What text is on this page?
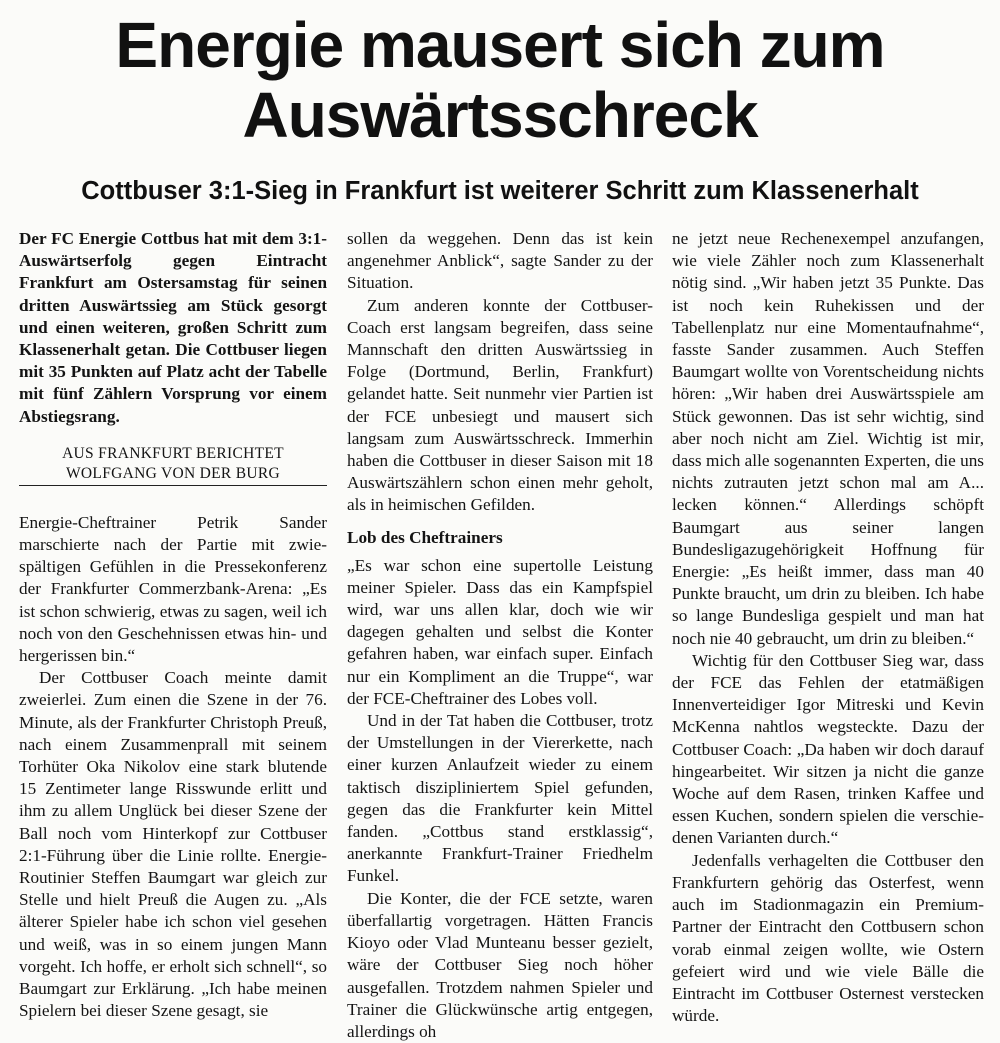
Energie mausert sich zum
Auswärtsschreck
Cottbuser 3:1-Sieg in Frankfurt ist weiterer Schritt zum Klassenerhalt

Der FC Energie Cottbus hat mit dem 3:1-Auswärtserfolg gegen Eintracht Frankfurt am Ostersamstag für seinen dritten Auswärtssieg am Stück gesorgt und einen weiteren, großen Schritt zum Klassenerhalt getan. Die Cottbuser liegen mit 35 Punkten auf Platz acht der Tabelle mit fünf Zählern Vorsprung vor einem Abstiegsrang.

AUS FRANKFURT BERICHTET
WOLFGANG VON DER BURG

Energie-Cheftrainer Petrik Sander marschierte nach der Partie mit zwiespältigen Gefühlen in die Pressekonferenz der Frankfurter Commerzbank-Arena: „Es ist schon schwierig, etwas zu sagen, weil ich noch von den Geschehnissen etwas hin- und hergerissen bin.“

Der Cottbuser Coach meinte damit zweierlei. Zum einen die Szene in der 76. Minute, als der Frankfurter Christoph Preuß, nach einem Zusammenprall mit seinem Torhüter Oka Nikolov eine stark blutende 15 Zentimeter lange Risswunde erlitt und ihm zu allem Unglück bei dieser Szene der Ball noch vom Hinterkopf zur Cottbuser 2:1-Führung über die Linie rollte. Energie-Routinier Steffen Baumgart war gleich zur Stelle und hielt Preuß die Augen zu. „Als älterer Spieler habe ich schon viel gesehen und weiß, was in so einem jungen Mann vorgeht. Ich hoffe, er erholt sich schnell“, so Baumgart zur Erklärung. „Ich habe meinen Spielern bei dieser Szene gesagt, sie

sollen da weggehen. Denn das ist kein angenehmer Anblick“, sagte Sander zu der Situation.

Zum anderen konnte der Cottbuser-Coach erst langsam begreifen, dass seine Mannschaft den dritten Auswärtssieg in Folge (Dortmund, Berlin, Frankfurt) gelandet hatte. Seit nunmehr vier Partien ist der FCE unbesiegt und mausert sich langsam zum Auswärtsschreck. Immerhin haben die Cottbuser in dieser Saison mit 18 Auswärtszählern schon einen mehr geholt, als in heimischen Gefilden.

Lob des Cheftrainers

„Es war schon eine supertolle Leistung meiner Spieler. Dass das ein Kampfspiel wird, war uns allen klar, doch wie wir dagegen gehalten und selbst die Konter gefahren haben, war einfach super. Einfach nur ein Kompliment an die Truppe“, war der FCE-Cheftrainer des Lobes voll.

Und in der Tat haben die Cottbuser, trotz der Umstellungen in der Viererkette, nach einer kurzen Anlaufzeit wieder zu einem taktisch diszipliniertem Spiel gefunden, gegen das die Frankfurter kein Mittel fanden. „Cottbus stand erstklassig“, anerkannte Frankfurt-Trainer Friedhelm Funkel.

Die Konter, die der FCE setzte, waren überfallartig vorgetragen. Hätten Francis Kioyo oder Vlad Munteanu besser gezielt, wäre der Cottbuser Sieg noch höher ausgefallen. Trotzdem nahmen Spieler und Trainer die Glückwünsche artig entgegen, allerdings oh

ne jetzt neue Rechenexempel anzufangen, wie viele Zähler noch zum Klassenerhalt nötig sind. „Wir haben jetzt 35 Punkte. Das ist noch kein Ruhekissen und der Tabellenplatz nur eine Momentaufnahme“, fasste Sander zusammen. Auch Steffen Baumgart wollte von Vorentscheidung nichts hören: „Wir haben drei Auswärtsspiele am Stück gewonnen. Das ist sehr wichtig, sind aber noch nicht am Ziel. Wichtig ist mir, dass mich alle sogenannten Experten, die uns nichts zutrauten jetzt schon mal am A... lecken können.“ Allerdings schöpft Baumgart aus seiner langen Bundesligazugehörigkeit Hoffnung für Energie: „Es heißt immer, dass man 40 Punkte braucht, um drin zu bleiben. Ich habe so lange Bundesliga gespielt und man hat noch nie 40 gebraucht, um drin zu bleiben.“

Wichtig für den Cottbuser Sieg war, dass der FCE das Fehlen der etatmäßigen Innenverteidiger Igor Mitreski und Kevin McKenna nahtlos wegsteckte. Dazu der Cottbuser Coach: „Da haben wir doch darauf hingearbeitet. Wir sitzen ja nicht die ganze Woche auf dem Rasen, trinken Kaffee und essen Kuchen, sondern spielen die verschiedenen Varianten durch.“

Jedenfalls verhagelten die Cottbuser den Frankfurtern gehörig das Osterfest, wenn auch im Stadionmagazin ein Premium-Partner der Eintracht den Cottbusern schon vorab einmal zeigen wollte, wie Ostern gefeiert wird und wie viele Bälle die Eintracht im Cottbuser Osternest verstecken würde.
